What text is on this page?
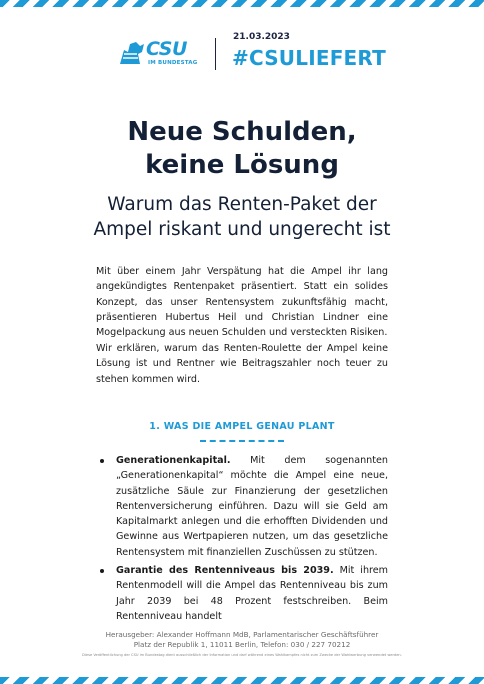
CSU
IM BUNDESTAG
21.03.2023
#CSULIEFERT
Neue Schulden,
keine Lösung
Warum das Renten-Paket der
Ampel riskant und ungerecht ist

Mit über einem Jahr Verspätung hat die Ampel ihr lang angekündigtes Rentenpaket präsentiert. Statt ein solides Konzept, das unser Rentensystem zukunftsfähig macht, präsentieren Hubertus Heil und Christian Lindner eine Mogelpackung aus neuen Schulden und versteckten Risiken.

Wir erklären, warum das Renten-Roulette der Ampel keine Lösung ist und Rentner wie Beitragszahler noch teuer zu stehen kommen wird.

1. WAS DIE AMPEL GENAU PLANT
Generationenkapital. Mit dem sogenannten „Generationenkapital“ möchte die Ampel eine neue, zusätzliche Säule zur Finanzierung der gesetzlichen Rentenversicherung einführen. Dazu will sie Geld am Kapitalmarkt anlegen und die erhofften Dividenden und Gewinne aus Wertpapieren nutzen, um das gesetzliche Rentensystem mit finanziellen Zuschüssen zu stützen.
Garantie des Rentenniveaus bis 2039. Mit ihrem Rentenmodell will die Ampel das Rentenniveau bis zum Jahr 2039 bei 48 Prozent festschreiben. Beim Rentenniveau handelt
Herausgeber: Alexander Hoffmann MdB, Parlamentarischer Geschäftsführer
Platz der Republik 1, 11011 Berlin, Telefon: 030 / 227 70212
Diese Veröffentlichung der CSU im Bundestag dient ausschließlich der Information und darf während eines Wahlkampfes nicht zum Zwecke der Wahlwerbung verwendet werden.
